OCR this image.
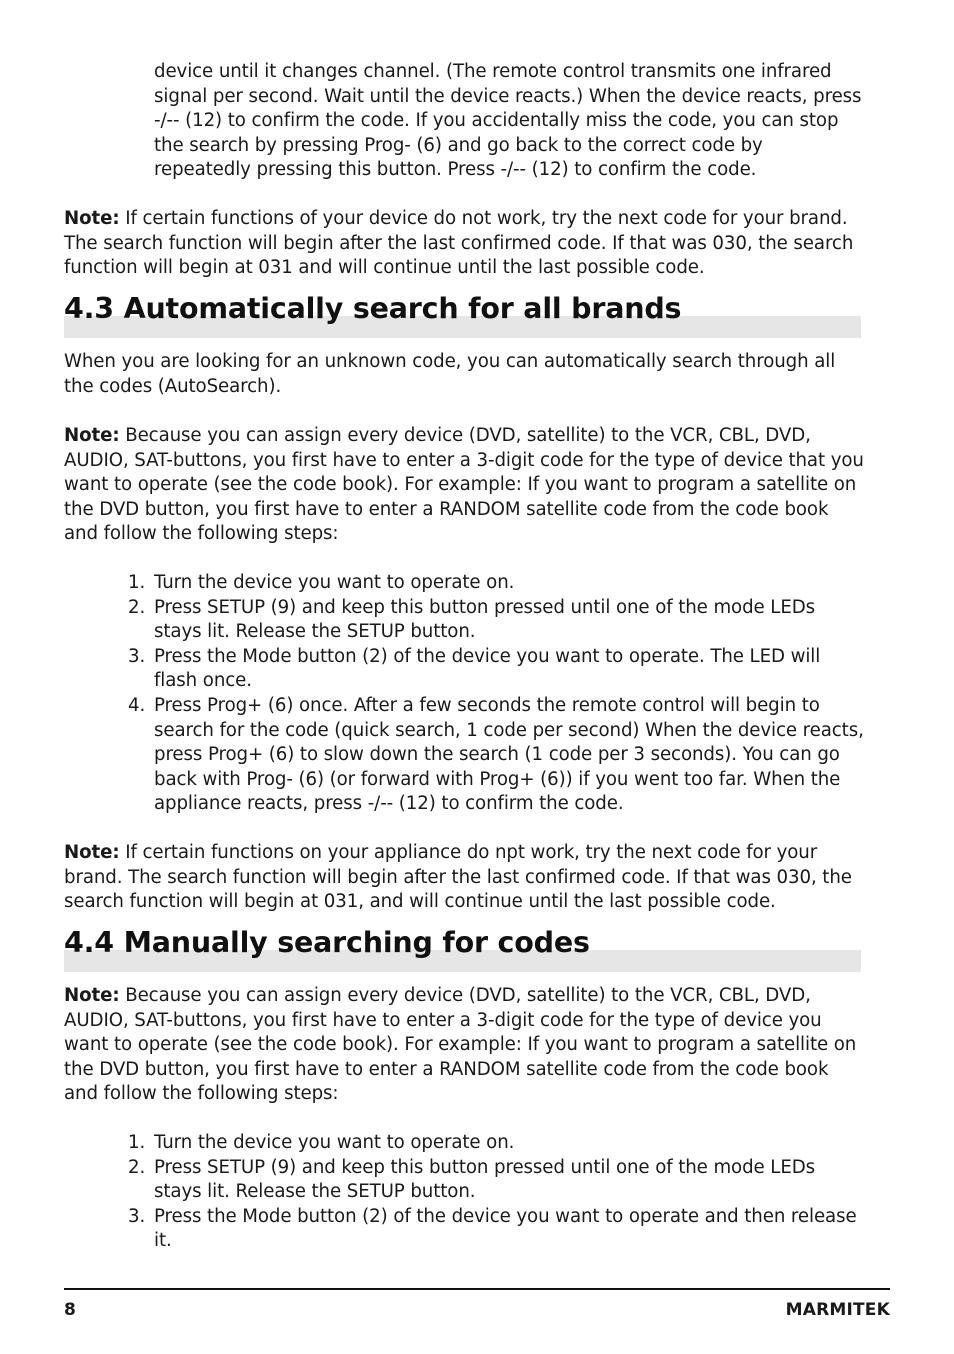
device until it changes channel. (The remote control transmits one infrared signal per second. Wait until the device reacts.) When the device reacts, press -/-- (12) to confirm the code. If you accidentally miss the code, you can stop the search by pressing Prog- (6) and go back to the correct code by repeatedly pressing this button. Press -/-- (12) to confirm the code.

Note: If certain functions of your device do not work, try the next code for your brand. The search function will begin after the last confirmed code. If that was 030, the search function will begin at 031 and will continue until the last possible code.

4.3 Automatically search for all brands

When you are looking for an unknown code, you can automatically search through all the codes (AutoSearch).

Note: Because you can assign every device (DVD, satellite) to the VCR, CBL, DVD, AUDIO, SAT-buttons, you first have to enter a 3-digit code for the type of device that you want to operate (see the code book). For example: If you want to program a satellite on the DVD button, you first have to enter a RANDOM satellite code from the code book and follow the following steps:

1. Turn the device you want to operate on.
2. Press SETUP (9) and keep this button pressed until one of the mode LEDs stays lit. Release the SETUP button.
3. Press the Mode button (2) of the device you want to operate. The LED will flash once.
4. Press Prog+ (6) once. After a few seconds the remote control will begin to search for the code (quick search, 1 code per second) When the device reacts, press Prog+ (6) to slow down the search (1 code per 3 seconds). You can go back with Prog- (6) (or forward with Prog+ (6)) if you went too far. When the appliance reacts, press -/-- (12) to confirm the code.

Note: If certain functions on your appliance do npt work, try the next code for your brand. The search function will begin after the last confirmed code. If that was 030, the search function will begin at 031, and will continue until the last possible code.

4.4 Manually searching for codes

Note: Because you can assign every device (DVD, satellite) to the VCR, CBL, DVD, AUDIO, SAT-buttons, you first have to enter a 3-digit code for the type of device you want to operate (see the code book). For example: If you want to program a satellite on the DVD button, you first have to enter a RANDOM satellite code from the code book and follow the following steps:

1. Turn the device you want to operate on.
2. Press SETUP (9) and keep this button pressed until one of the mode LEDs stays lit. Release the SETUP button.
3. Press the Mode button (2) of the device you want to operate and then release it.
8	MARMITEK
